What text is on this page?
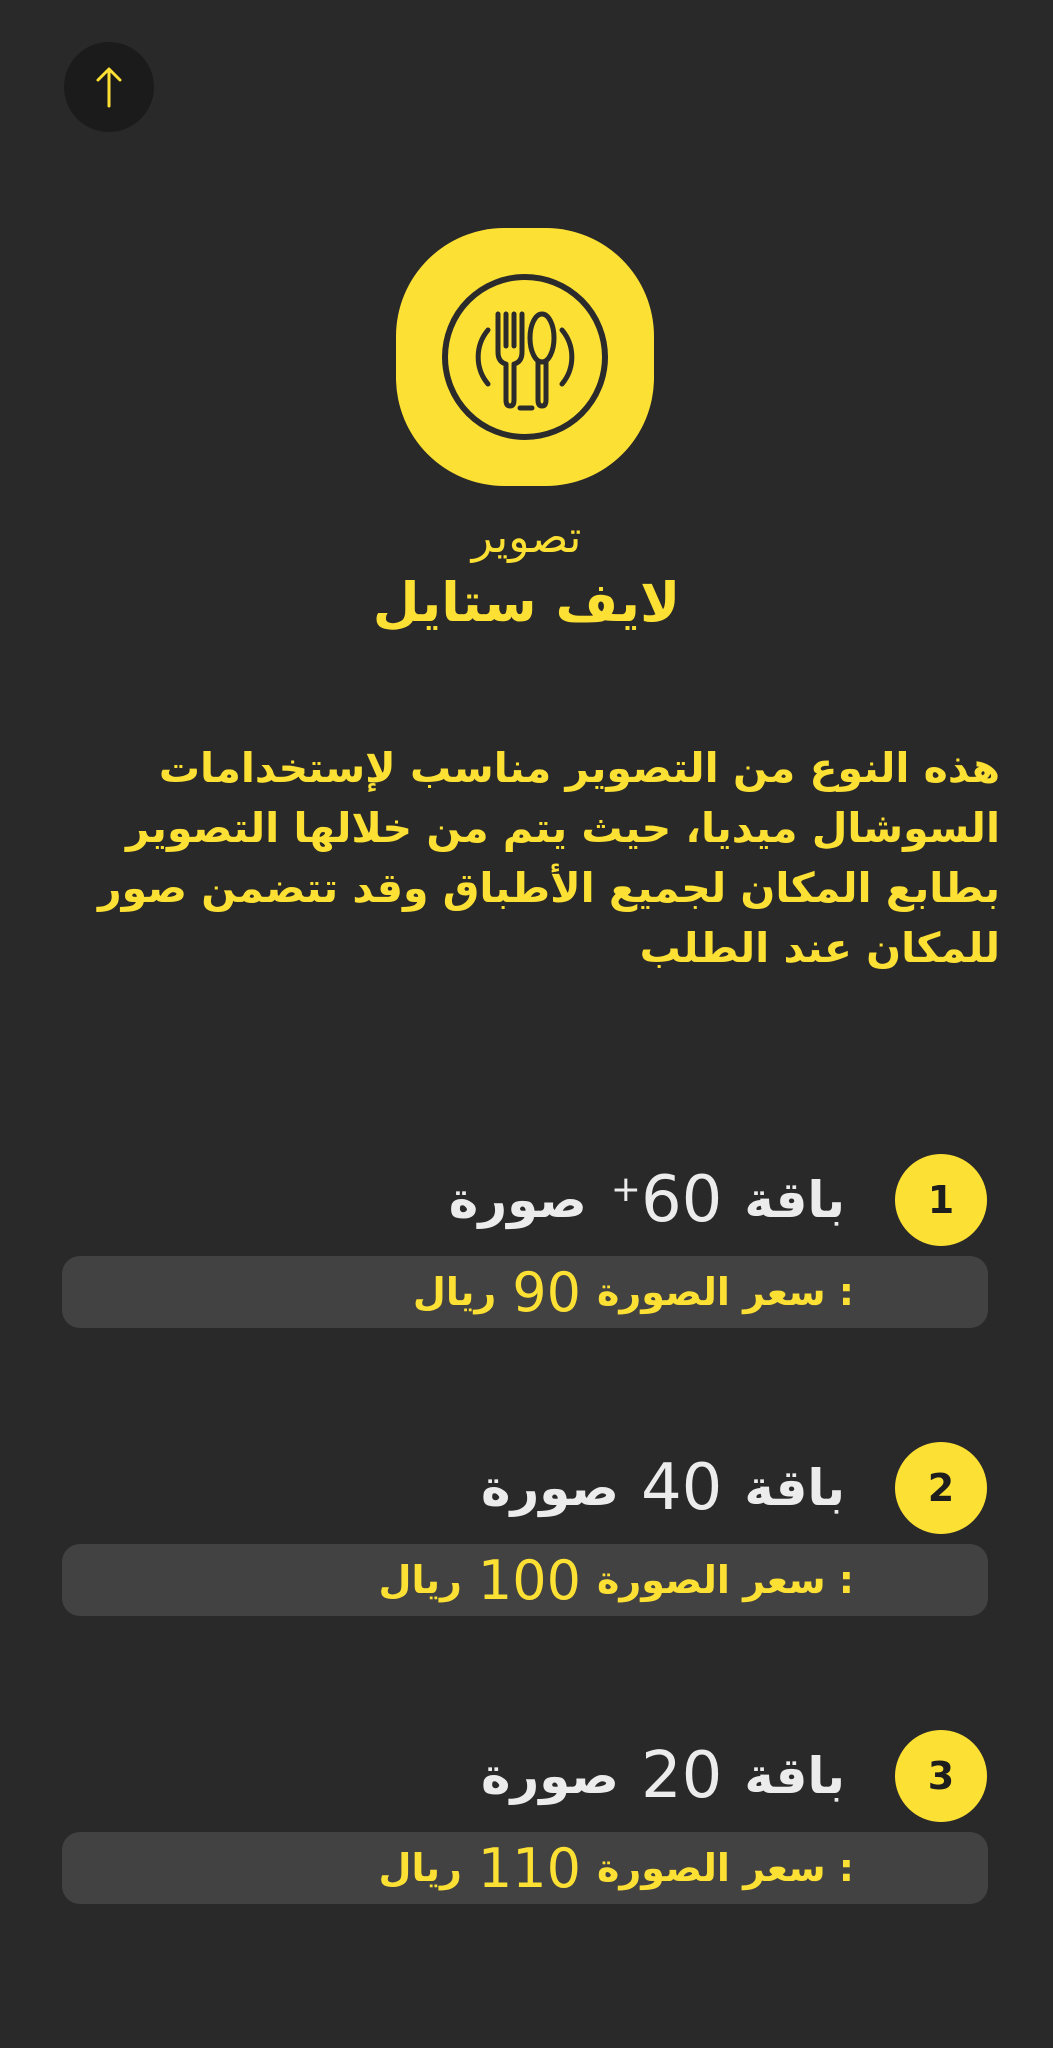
تصوير
لايف ستايل
هذه النوع من التصوير مناسب لإستخدامات السوشال ميديا، حيث يتم من خلالها التصوير بطابع المكان لجميع الأطباق وقد تتضمن صور للمكان عند الطلب
1
باقة
+60
صورة
سعر الصورة :
90
ريال
2
باقة
40
صورة
سعر الصورة :
100
ريال
3
باقة
20
صورة
سعر الصورة :
110
ريال
